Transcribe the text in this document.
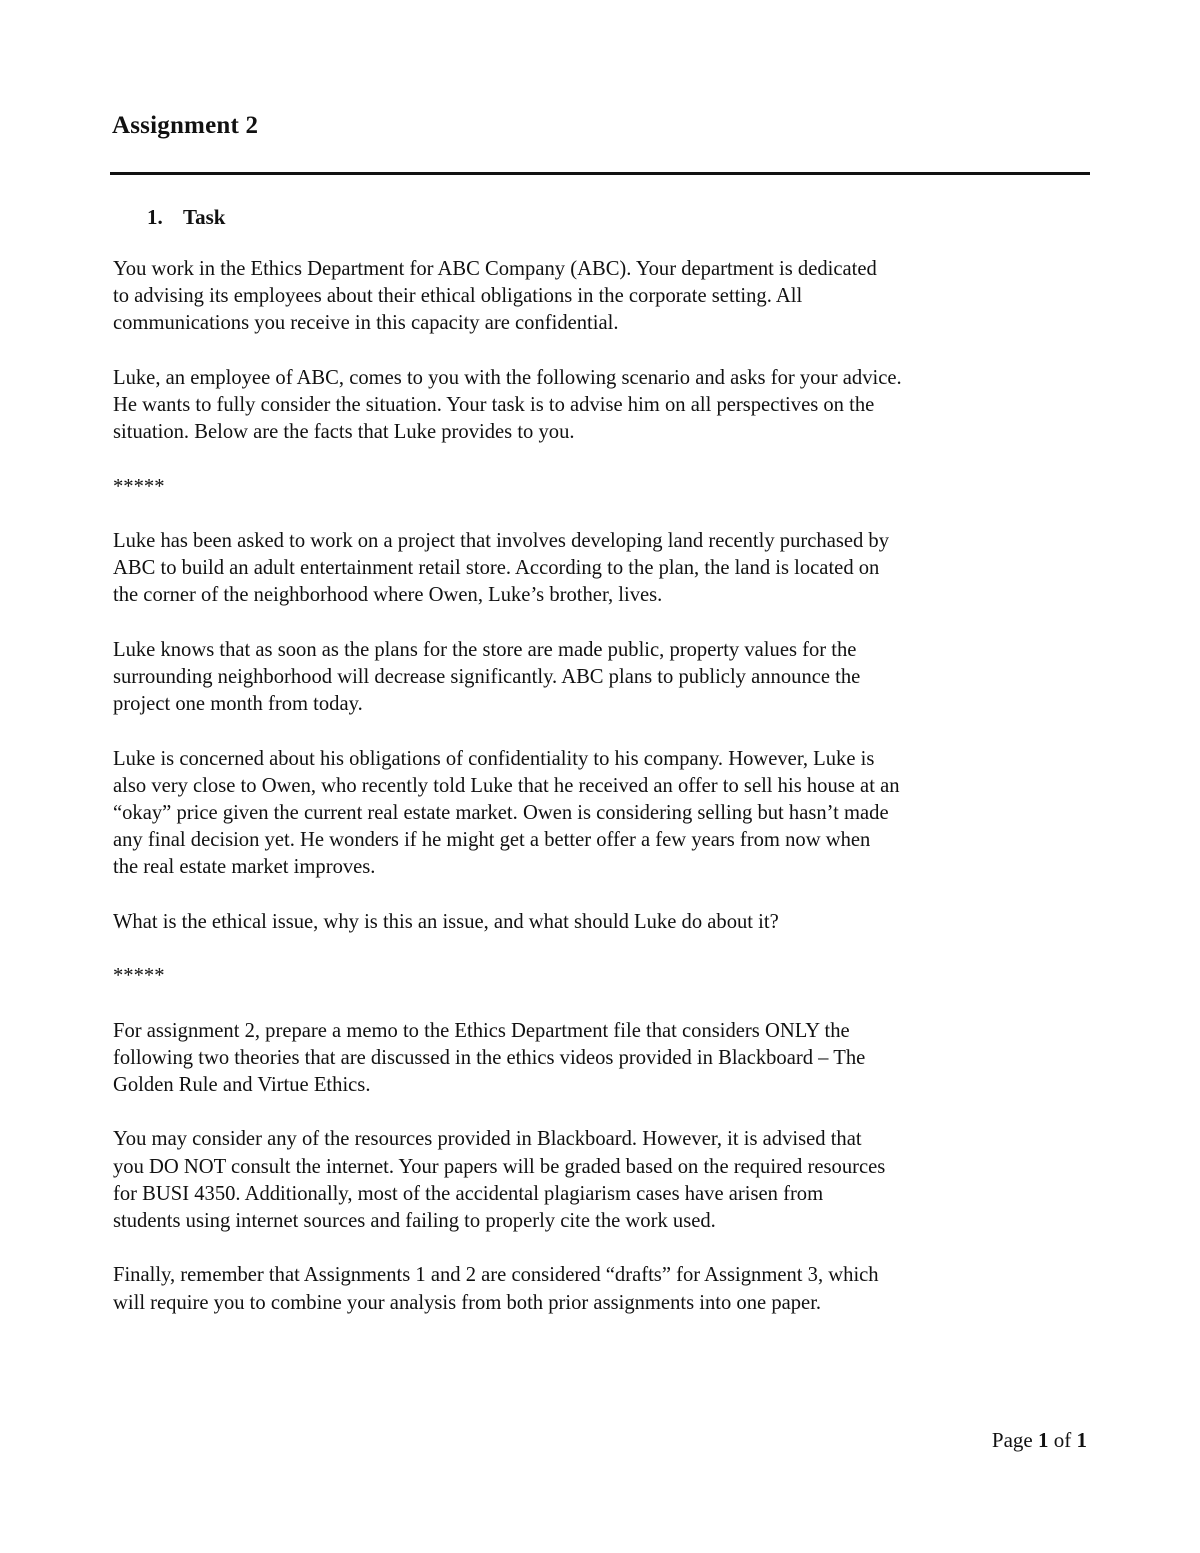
Assignment 2
1. Task

You work in the Ethics Department for ABC Company (ABC). Your department is dedicated
to advising its employees about their ethical obligations in the corporate setting. All
communications you receive in this capacity are confidential.

Luke, an employee of ABC, comes to you with the following scenario and asks for your advice.
He wants to fully consider the situation. Your task is to advise him on all perspectives on the
situation. Below are the facts that Luke provides to you.

*****

Luke has been asked to work on a project that involves developing land recently purchased by
ABC to build an adult entertainment retail store. According to the plan, the land is located on
the corner of the neighborhood where Owen, Luke’s brother, lives.

Luke knows that as soon as the plans for the store are made public, property values for the
surrounding neighborhood will decrease significantly. ABC plans to publicly announce the
project one month from today.

Luke is concerned about his obligations of confidentiality to his company. However, Luke is
also very close to Owen, who recently told Luke that he received an offer to sell his house at an
“okay” price given the current real estate market. Owen is considering selling but hasn’t made
any final decision yet. He wonders if he might get a better offer a few years from now when
the real estate market improves.

What is the ethical issue, why is this an issue, and what should Luke do about it?

*****

For assignment 2, prepare a memo to the Ethics Department file that considers ONLY the
following two theories that are discussed in the ethics videos provided in Blackboard – The
Golden Rule and Virtue Ethics.

You may consider any of the resources provided in Blackboard. However, it is advised that
you DO NOT consult the internet. Your papers will be graded based on the required resources
for BUSI 4350. Additionally, most of the accidental plagiarism cases have arisen from
students using internet sources and failing to properly cite the work used.

Finally, remember that Assignments 1 and 2 are considered “drafts” for Assignment 3, which
will require you to combine your analysis from both prior assignments into one paper.

Page 1 of 1
